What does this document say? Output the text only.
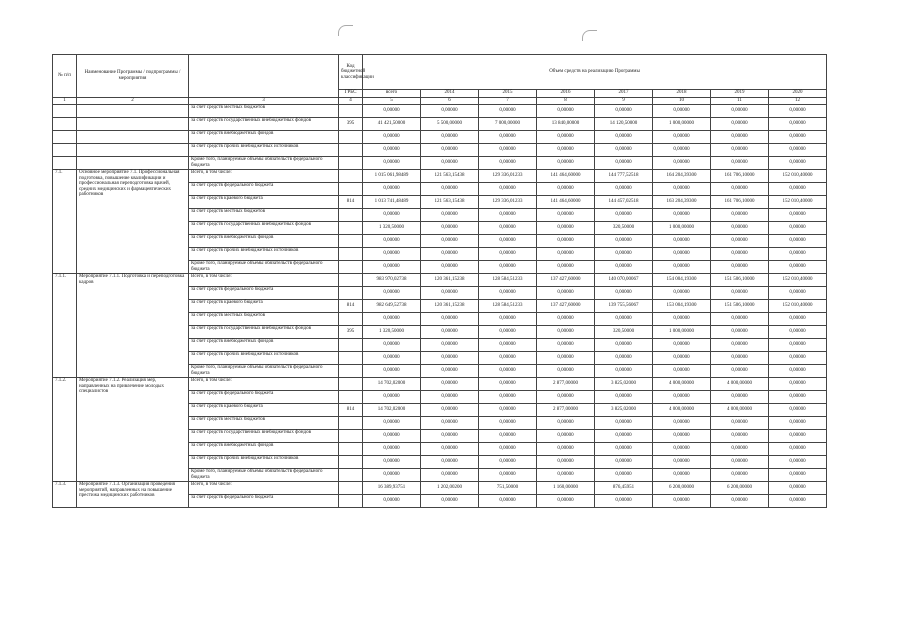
№ п/п	Наименование Программы / подпрограммы / мероприятия		Код бюджетной классификации	Объем средств на реализацию Программы							
			ГРБС	всего	2014	2015	2016	2017	2018	2019	2020
1	2	3	4	5	6	7	8	9	10	11	12
		за счет средств местных бюджетов		0,00000	0,00000	0,00000	0,00000	0,00000	0,00000	0,00000	0,00000
		за счет средств государственных внебюджетных фондов	395	41 421,50000	5 500,00000	7 000,00000	13 840,00000	14 120,50000	1 000,00000	0,00000	0,00000
		за счет средств внебюджетных фондов		0,00000	0,00000	0,00000	0,00000	0,00000	0,00000	0,00000	0,00000
		за счет средств прочих внебюджетных источников		0,00000	0,00000	0,00000	0,00000	0,00000	0,00000	0,00000	0,00000
		Кроме того, планируемые объемы обязательств федерального бюджета		0,00000	0,00000	0,00000	0,00000	0,00000	0,00000	0,00000	0,00000
7.1.	Основное мероприятие 7.1. Профессиональная подготовка, повышение квалификации и профессиональная переподготовка врачей, средних медицинских и фармацевтических работников	Всего, в том числе:		1 015 061,98489	121 563,15438	129 336,01233	141 464,60000	144 777,52518	164 204,39300	161 706,10000	152 010,40000
		за счет средств федерального бюджета		0,00000	0,00000	0,00000	0,00000	0,00000	0,00000	0,00000	0,00000
		за счет средств краевого бюджета	814	1 013 741,48489	121 563,15438	129 336,01233	141 464,60000	144 457,02518	163 204,39300	161 706,10000	152 010,40000
		за счет средств местных бюджетов		0,00000	0,00000	0,00000	0,00000	0,00000	0,00000	0,00000	0,00000
		за счет средств государственных внебюджетных фондов		1 320,50000	0,00000	0,00000	0,00000	320,50000	1 000,00000	0,00000	0,00000
		за счет средств внебюджетных фондов		0,00000	0,00000	0,00000	0,00000	0,00000	0,00000	0,00000	0,00000
		за счет средств прочих внебюджетных источников		0,00000	0,00000	0,00000	0,00000	0,00000	0,00000	0,00000	0,00000
		Кроме того, планируемые объемы обязательств федерального бюджета		0,00000	0,00000	0,00000	0,00000	0,00000	0,00000	0,00000	0,00000
7.1.1.	Мероприятие 7.1.1. Подготовка и переподготовка кадров	Всего, в том числе:		983 970,02738	120 361,15238	128 584,51233	137 427,60000	140 070,00067	154 004,19300	151 506,10000	152 010,40000
		за счет средств федерального бюджета		0,00000	0,00000	0,00000	0,00000	0,00000	0,00000	0,00000	0,00000
		за счет средств краевого бюджета	814	982 649,52738	120 361,15238	128 584,51233	137 427,60000	139 755,56067	153 004,19300	151 506,10000	152 010,40000
		за счет средств местных бюджетов		0,00000	0,00000	0,00000	0,00000	0,00000	0,00000	0,00000	0,00000
		за счет средств государственных внебюджетных фондов	395	1 320,50000	0,00000	0,00000	0,00000	320,50000	1 000,00000	0,00000	0,00000
		за счет средств внебюджетных фондов		0,00000	0,00000	0,00000	0,00000	0,00000	0,00000	0,00000	0,00000
		за счет средств прочих внебюджетных источников		0,00000	0,00000	0,00000	0,00000	0,00000	0,00000	0,00000	0,00000
		Кроме того, планируемые объемы обязательств федерального бюджета		0,00000	0,00000	0,00000	0,00000	0,00000	0,00000	0,00000	0,00000
7.1.2.	Мероприятие 7.1.2. Реализация мер, направленных на привлечение молодых специалистов	Всего, в том числе:		14 702,02000	0,00000	0,00000	2 877,00000	3 825,02000	4 000,00000	4 000,00000	0,00000
		за счет средств федерального бюджета		0,00000	0,00000	0,00000	0,00000	0,00000	0,00000	0,00000	0,00000
		за счет средств краевого бюджета	814	14 702,02000	0,00000	0,00000	2 877,00000	3 825,02000	4 000,00000	4 000,00000	0,00000
		за счет средств местных бюджетов		0,00000	0,00000	0,00000	0,00000	0,00000	0,00000	0,00000	0,00000
		за счет средств государственных внебюджетных фондов		0,00000	0,00000	0,00000	0,00000	0,00000	0,00000	0,00000	0,00000
		за счет средств внебюджетных фондов		0,00000	0,00000	0,00000	0,00000	0,00000	0,00000	0,00000	0,00000
		за счет средств прочих внебюджетных источников		0,00000	0,00000	0,00000	0,00000	0,00000	0,00000	0,00000	0,00000
		Кроме того, планируемые объемы обязательств федерального бюджета		0,00000	0,00000	0,00000	0,00000	0,00000	0,00000	0,00000	0,00000
7.1.3.	Мероприятие 7.1.3. Организация проведения мероприятий, направленных на повышение престижа медицинских работников	Всего, в том числе:		16 389,93751	1 202,00200	751,50000	1 160,00000	876,45951	6 200,00000	6 200,00000	0,00000
		за счет средств федерального бюджета		0,00000	0,00000	0,00000	0,00000	0,00000	0,00000	0,00000	0,00000
